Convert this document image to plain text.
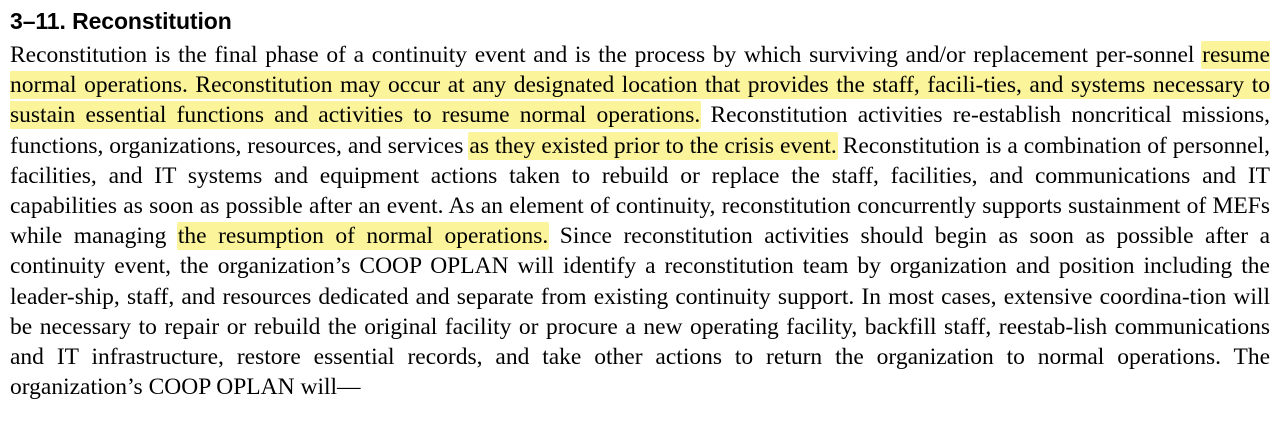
3–11. Reconstitution

Reconstitution is the final phase of a continuity event and is the process by which surviving and/or replacement per-sonnel resume normal operations. Reconstitution may occur at any designated location that provides the staff, facili-ties, and systems necessary to sustain essential functions and activities to resume normal operations. Reconstitution activities re-establish noncritical missions, functions, organizations, resources, and services as they existed prior to the crisis event. Reconstitution is a combination of personnel, facilities, and IT systems and equipment actions taken to rebuild or replace the staff, facilities, and communications and IT capabilities as soon as possible after an event. As an element of continuity, reconstitution concurrently supports sustainment of MEFs while managing the resumption of normal operations. Since reconstitution activities should begin as soon as possible after a continuity event, the organization’s COOP OPLAN will identify a reconstitution team by organization and position including the leader-ship, staff, and resources dedicated and separate from existing continuity support. In most cases, extensive coordina-tion will be necessary to repair or rebuild the original facility or procure a new operating facility, backfill staff, reestab-lish communications and IT infrastructure, restore essential records, and take other actions to return the organization to normal operations. The organization’s COOP OPLAN will—
